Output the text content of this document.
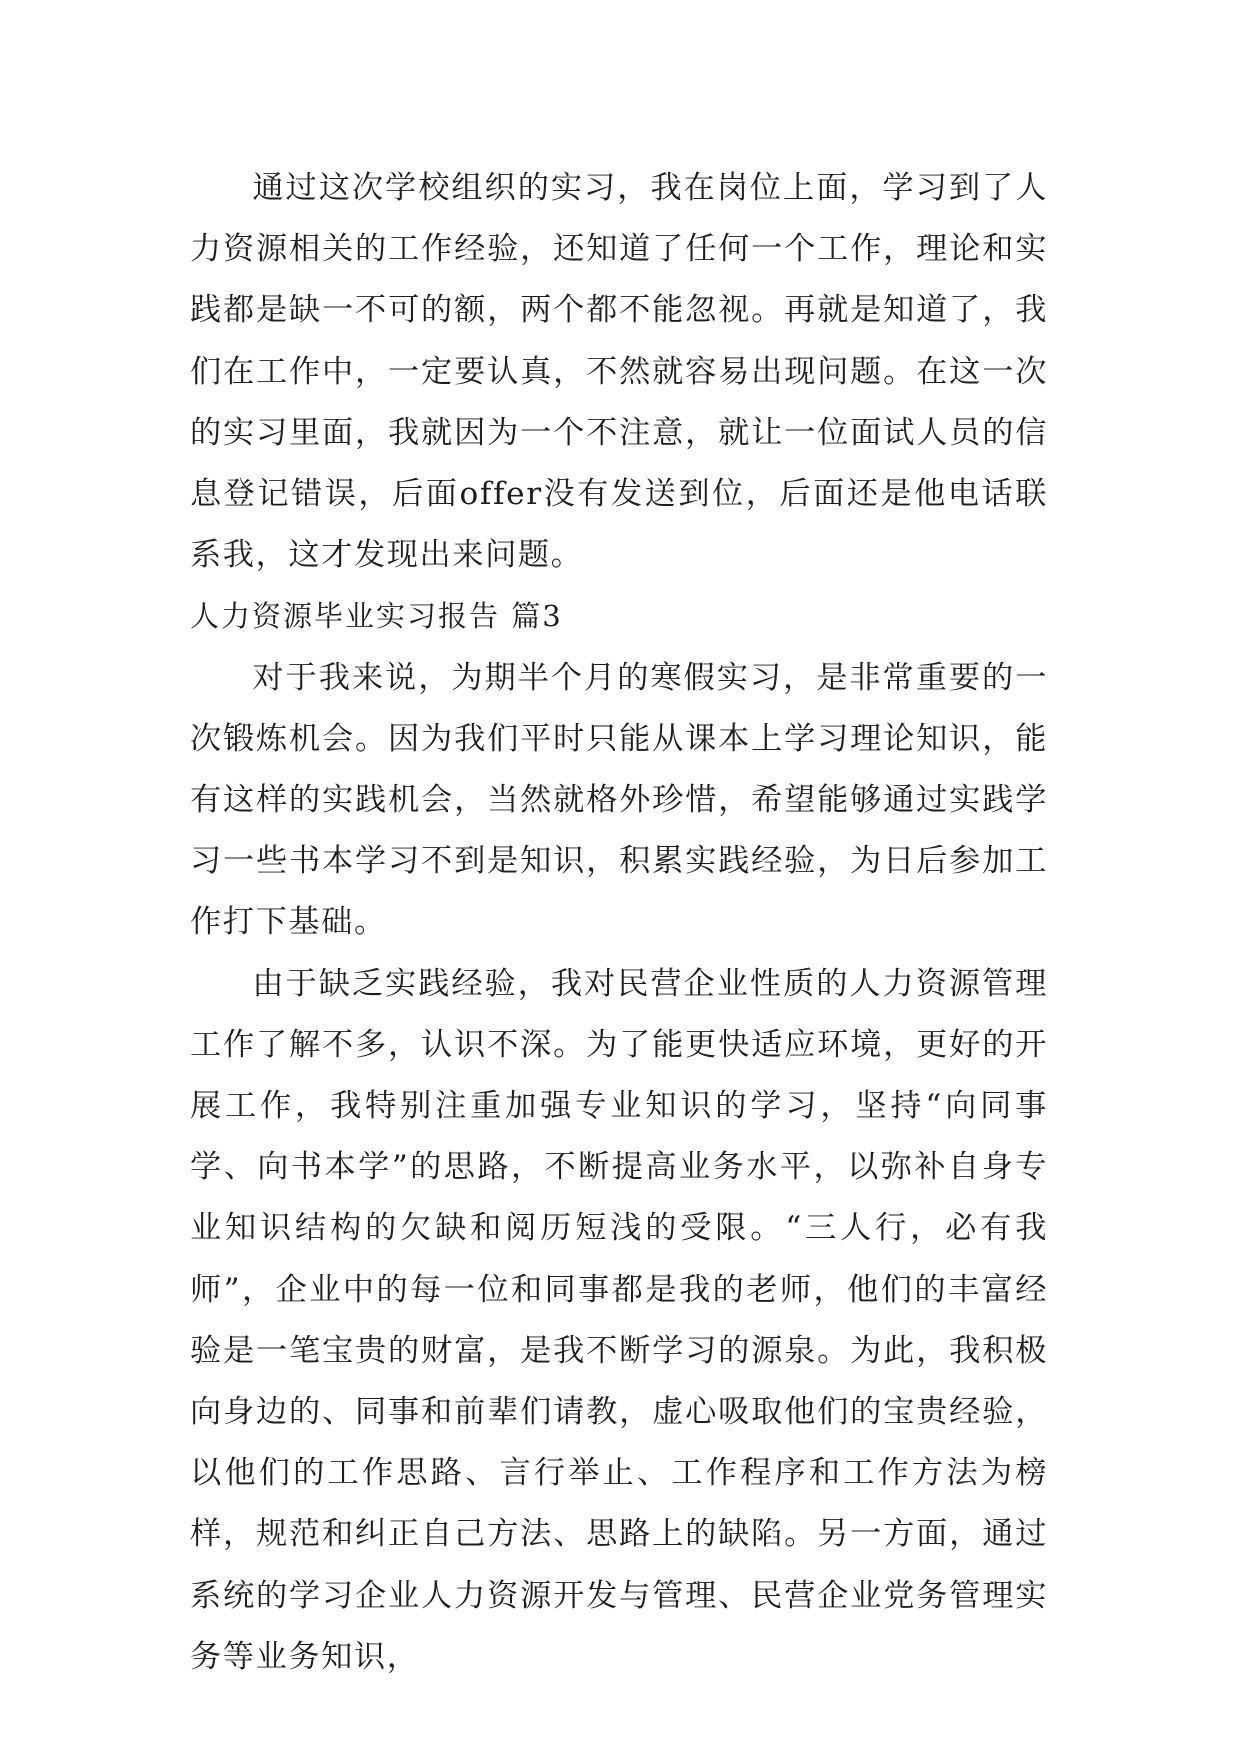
通过这次学校组织的实习，我在岗位上面，学习到了人力资源相关的工作经验，还知道了任何一个工作，理论和实践都是缺一不可的额，两个都不能忽视。再就是知道了，我们在工作中，一定要认真，不然就容易出现问题。在这一次的实习里面，我就因为一个不注意，就让一位面试人员的信息登记错误，后面offer没有发送到位，后面还是他电话联系我，这才发现出来问题。

人力资源毕业实习报告 篇3

对于我来说，为期半个月的寒假实习，是非常重要的一次锻炼机会。因为我们平时只能从课本上学习理论知识，能有这样的实践机会，当然就格外珍惜，希望能够通过实践学习一些书本学习不到是知识，积累实践经验，为日后参加工作打下基础。

由于缺乏实践经验，我对民营企业性质的人力资源管理工作了解不多，认识不深。为了能更快适应环境，更好的开展工作，我特别注重加强专业知识的学习，坚持“向同事学、向书本学”的思路，不断提高业务水平，以弥补自身专业知识结构的欠缺和阅历短浅的受限。“三人行，必有我师”，企业中的每一位和同事都是我的老师，他们的丰富经验是一笔宝贵的财富，是我不断学习的源泉。为此，我积极向身边的、同事和前辈们请教，虚心吸取他们的宝贵经验，以他们的工作思路、言行举止、工作程序和工作方法为榜样，规范和纠正自己方法、思路上的缺陷。另一方面，通过系统的学习企业人力资源开发与管理、民营企业党务管理实务等业务知识，
